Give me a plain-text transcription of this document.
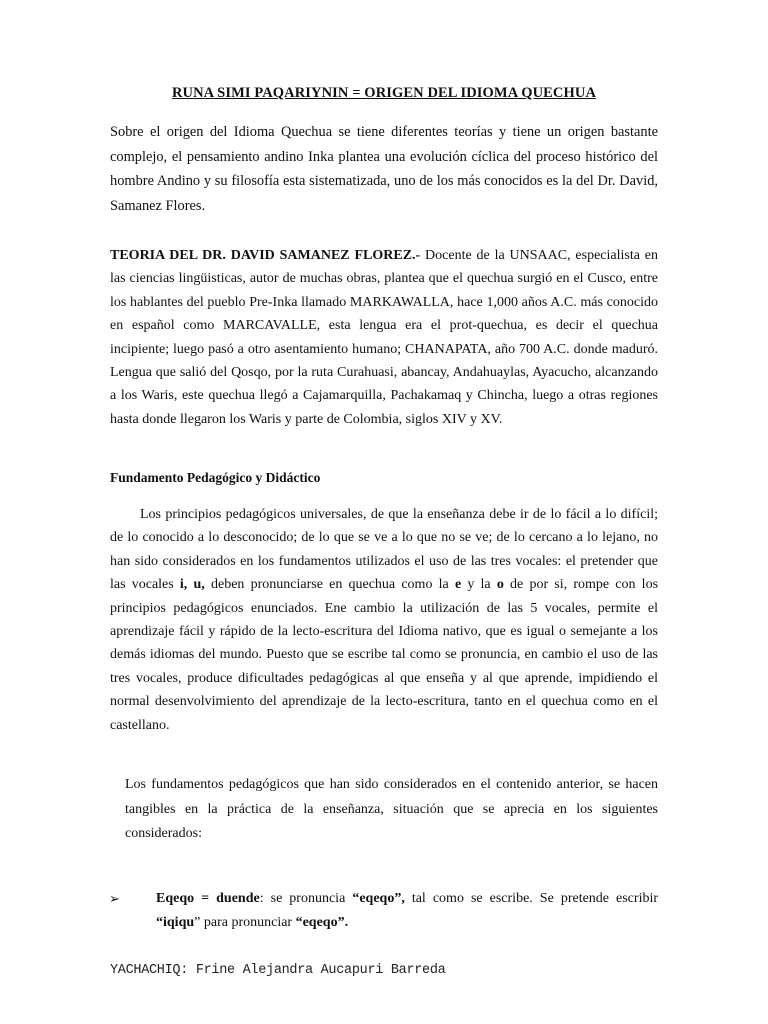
RUNA SIMI PAQARIYNIN = ORIGEN DEL IDIOMA QUECHUA

Sobre el origen del Idioma Quechua se tiene diferentes teorías y tiene un origen bastante complejo, el pensamiento andino Inka plantea una evolución cíclica del proceso histórico del hombre Andino y su filosofía esta sistematizada, uno de los más conocidos es la del Dr. David, Samanez Flores.

TEORIA DEL DR. DAVID SAMANEZ FLOREZ.- Docente de la UNSAAC, especialista en las ciencias lingüisticas, autor de muchas obras, plantea que el quechua surgió en el Cusco, entre los hablantes del pueblo Pre-Inka llamado MARKAWALLA, hace 1,000 años A.C. más conocido en español como MARCAVALLE, esta lengua era el prot-quechua, es decir el quechua incipiente; luego pasó a otro asentamiento humano; CHANAPATA, año 700 A.C. donde maduró. Lengua que salió del Qosqo, por la ruta Curahuasi, abancay, Andahuaylas, Ayacucho, alcanzando a los Waris, este quechua llegó a Cajamarquilla, Pachakamaq y Chincha, luego a otras regiones hasta donde llegaron los Waris y parte de Colombia, siglos XIV y XV.

Fundamento Pedagógico y Didáctico

Los principios pedagógicos universales, de que la enseñanza debe ir de lo fácil a lo difícil; de lo conocido a lo desconocido; de lo que se ve a lo que no se ve; de lo cercano a lo lejano, no han sido considerados en los fundamentos utilizados el uso de las tres vocales: el pretender que las vocales i, u, deben pronunciarse en quechua como la e y la o de por si, rompe con los principios pedagógicos enunciados. Ene cambio la utilización de las 5 vocales, permite el aprendizaje fácil y rápido de la lecto-escritura del Idioma nativo, que es igual o semejante a los demás idiomas del mundo. Puesto que se escribe tal como se pronuncia, en cambio el uso de las tres vocales, produce dificultades pedagógicas al que enseña y al que aprende, impidiendo el normal desenvolvimiento del aprendizaje de la lecto-escritura, tanto en el quechua como en el castellano.

Los fundamentos pedagógicos que han sido considerados en el contenido anterior, se hacen tangibles en la práctica de la enseñanza, situación que se aprecia en los siguientes considerados:

➢	Eqeqo = duende: se pronuncia “eqeqo”, tal como se escribe. Se pretende escribir “iqiqu” para pronunciar “eqeqo”.

YACHACHIQ: Frine Alejandra Aucapuri Barreda
